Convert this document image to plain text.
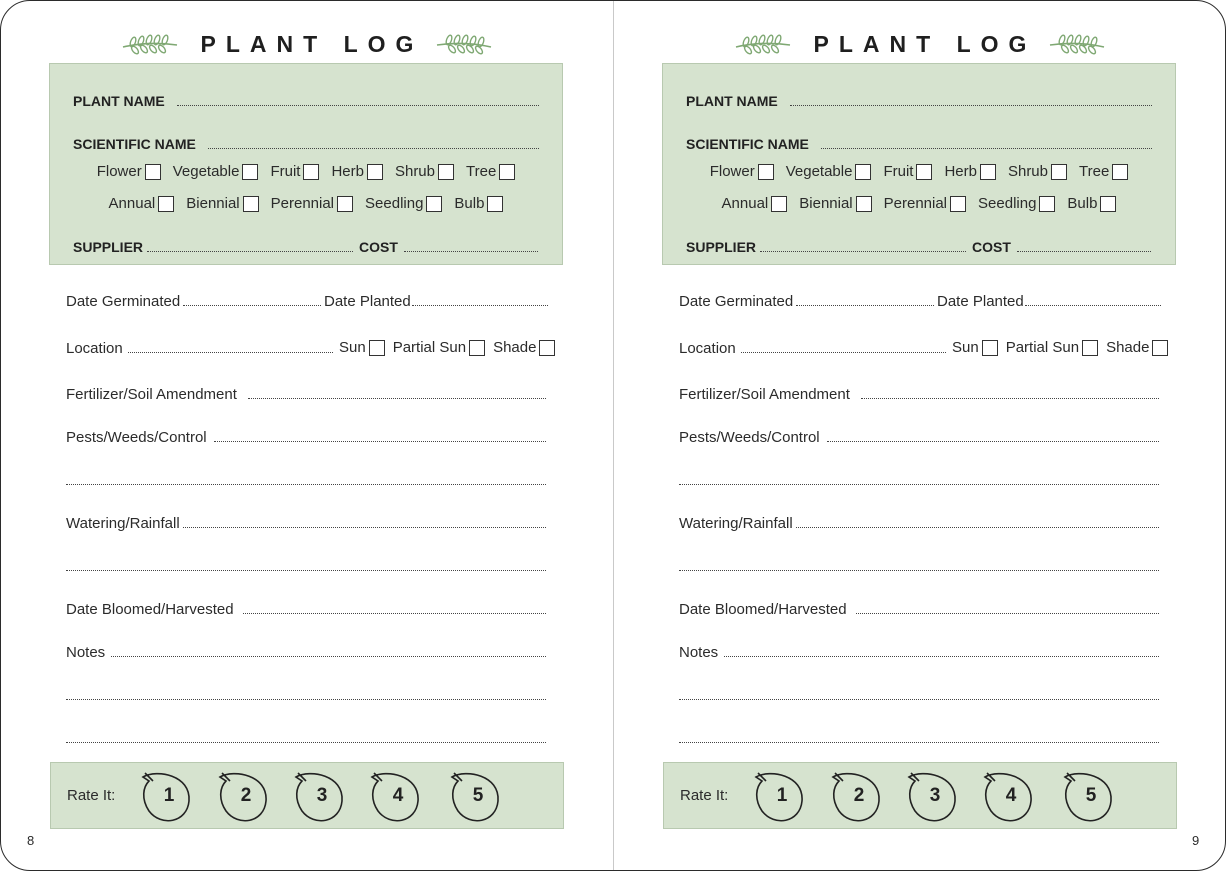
PLANT LOG
PLANT NAME
SCIENTIFIC NAME
Flower Vegetable Fruit Herb Shrub Tree
Annual Biennial Perennial Seedling Bulb
SUPPLIER	COST
Date Germinated	Date Planted
Location	Sun Partial Sun Shade
Fertilizer/Soil Amendment
Pests/Weeds/Control
Watering/Rainfall
Date Bloomed/Harvested
Notes
Rate It:	1	2	3	4	5
8
PLANT LOG
PLANT NAME
SCIENTIFIC NAME
Flower Vegetable Fruit Herb Shrub Tree
Annual Biennial Perennial Seedling Bulb
SUPPLIER	COST
Date Germinated	Date Planted
Location	Sun Partial Sun Shade
Fertilizer/Soil Amendment
Pests/Weeds/Control
Watering/Rainfall
Date Bloomed/Harvested
Notes
Rate It:	1	2	3	4	5
9
